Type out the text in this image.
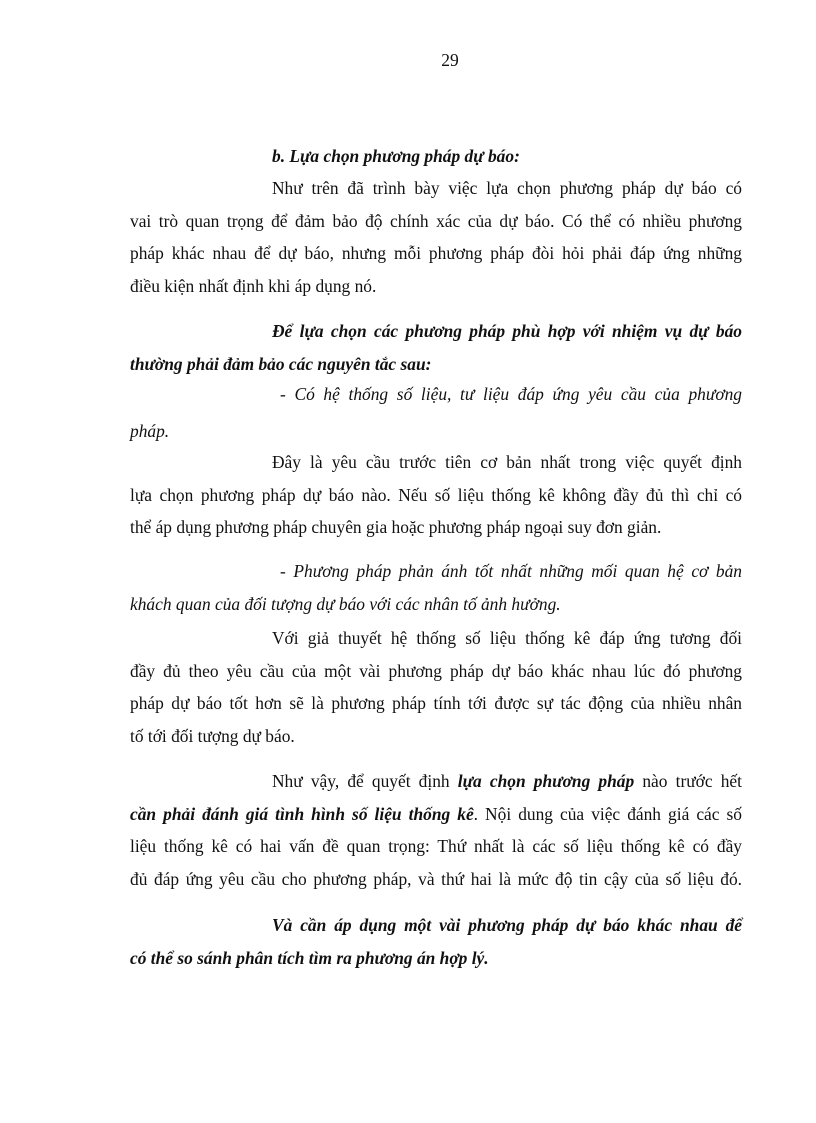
29
b. Lựa chọn phương pháp dự báo:
Như trên đã trình bày việc lựa chọn phương pháp dự báo có
vai trò quan trọng để đảm bảo độ chính xác của dự báo. Có thể có nhiều phương
pháp khác nhau để dự báo, nhưng mỗi phương pháp đòi hỏi phải đáp ứng những
điều kiện nhất định khi áp dụng nó.
Để lựa chọn các phương pháp phù hợp với nhiệm vụ dự báo
thường phải đảm bảo các nguyên tắc sau:
- Có hệ thống số liệu, tư liệu đáp ứng yêu cầu của phương
pháp.
Đây là yêu cầu trước tiên cơ bản nhất trong việc quyết định
lựa chọn phương pháp dự báo nào. Nếu số liệu thống kê không đầy đủ thì chỉ có
thể áp dụng phương pháp chuyên gia hoặc phương pháp ngoại suy đơn giản.
- Phương pháp phản ánh tốt nhất những mối quan hệ cơ bản
khách quan của đối tượng dự báo với các nhân tố ảnh hưởng.
Với giả thuyết hệ thống số liệu thống kê đáp ứng tương đối
đầy đủ theo yêu cầu của một vài phương pháp dự báo khác nhau lúc đó phương
pháp dự báo tốt hơn sẽ là phương pháp tính tới được sự tác động của nhiều nhân
tố tới đối tượng dự báo.
Như vậy, để quyết định lựa chọn phương pháp nào trước hết
cần phải đánh giá tình hình số liệu thống kê. Nội dung của việc đánh giá các số
liệu thống kê có hai vấn đề quan trọng: Thứ nhất là các số liệu thống kê có đầy
đủ đáp ứng yêu cầu cho phương pháp, và thứ hai là mức độ tin cậy của số liệu đó.
Và cần áp dụng một vài phương pháp dự báo khác nhau để
có thể so sánh phân tích tìm ra phương án hợp lý.
